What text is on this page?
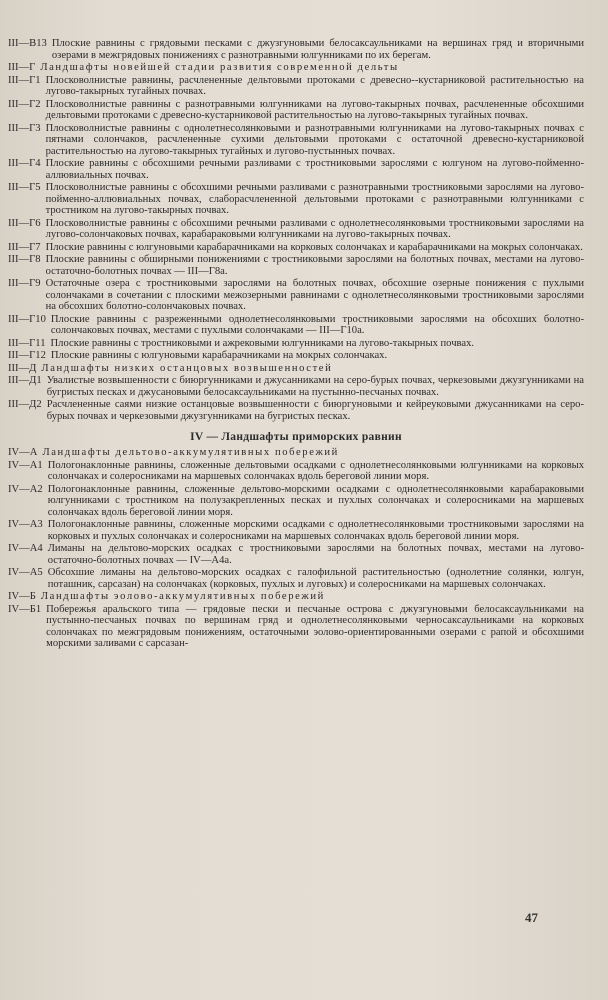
III—В13 Плоские равнины с грядовыми песками с джузгуновыми белосаксаульниками на вершинах гряд и вторичными озерами в межгрядовых понижениях с разнотравными юлгунниками по их берегам.
III—Г Ландшафты новейшей стадии развития современной дельты
III—Г1 Плосковолнистые равнины, расчлененные дельтовыми протоками с древесно--кустарниковой растительностью на лугово-такырных тугайных почвах.
III—Г2 Плосковолнистые равнины с разнотравными юлгунниками на лугово-такырных почвах, расчлененные обсохшими дельтовыми протоками с древесно-кустарниковой растительностью на лугово-такырных тугайных почвах.
III—Г3 Плосковолнистые равнины с однолетнесолянковыми и разнотравными юлгунниками на лугово-такырных почвах с пятнами солончаков, расчлененные сухими дельтовыми протоками с остаточной древесно-кустарниковой растительностью на лугово-такырных тугайных и лугово-пустынных почвах.
III—Г4 Плоские равнины с обсохшими речными разливами с тростниковыми зарослями с юлгуном на лугово-пойменно-аллювиальных почвах.
III—Г5 Плосковолнистые равнины с обсохшими речными разливами с разнотравными тростниковыми зарослями на лугово-пойменно-аллювиальных почвах, слаборасчлененной дельтовыми протоками с разнотравными юлгунниками с тростником на лугово-такырных почвах.
III—Г6 Плосковолнистые равнины с обсохшими речными разливами с однолетнесолянковыми тростниковыми зарослями на лугово-солончаковых почвах, карабараковыми юлгунниками на лугово-такырных почвах.
III—Г7 Плоские равнины с юлгуновыми карабарачниками на корковых солончаках и карабарачниками на мокрых солончаках.
III—Г8 Плоские равнины с обширными понижениями с тростниковыми зарослями на болотных почвах, местами на лугово-остаточно-болотных почвах — III—Г8а.
III—Г9 Остаточные озера с тростниковыми зарослями на болотных почвах, обсохшие озерные понижения с пухлыми солончаками в сочетании с плоскими межозерными равнинами с однолетнесолянковыми тростниковыми зарослями на обсохших болотно-солончаковых почвах.
III—Г10 Плоские равнины с разреженными однолетнесолянковыми тростниковыми зарослями на обсохших болотно-солончаковых почвах, местами с пухлыми солончаками — III—Г10а.
III—Г11 Плоские равнины с тростниковыми и ажрековыми юлгунниками на лугово-такырных почвах.
III—Г12 Плоские равнины с юлгуновыми карабарачниками на мокрых солончаках.
III—Д Ландшафты низких останцовых возвышенностей
III—Д1 Увалистые возвышенности с биюргунниками и джусанниками на серо-бурых почвах, черкезовыми джузгунниками на бугристых песках и джусановыми белосаксаульниками на пустынно-песчаных почвах.
III—Д2 Расчлененные саями низкие останцовые возвышенности с биюргуновыми и кейреуковыми джусанниками на серо-бурых почвах и черкезовыми джузгунниками на бугристых песках.
IV — Ландшафты приморских равнин
IV—А Ландшафты дельтово-аккумулятивных побережий
IV—А1 Пологонаклонные равнины, сложенные дельтовыми осадками с однолетнесолянковыми юлгунниками на корковых солончаках и солеросниками на маршевых солончаках вдоль береговой линии моря.
IV—А2 Пологонаклонные равнины, сложенные дельтово-морскими осадками с однолетнесолянковыми карабараковыми юлгунниками с тростником на полузакрепленных песках и пухлых солончаках и солеросниками на маршевых солончаках вдоль береговой линии моря.
IV—А3 Пологонаклонные равнины, сложенные морскими осадками с однолетнесолянковыми тростниковыми зарослями на корковых и пухлых солончаках и солеросниками на маршевых солончаках вдоль береговой линии моря.
IV—А4 Лиманы на дельтово-морских осадках с тростниковыми зарослями на болотных почвах, местами на лугово-остаточно-болотных почвах — IV—А4а.
IV—А5 Обсохшие лиманы на дельтово-морских осадках с галофильной растительностью (однолетние солянки, юлгун, поташник, сарсазан) на солончаках (корковых, пухлых и луговых) и солеросниками на маршевых солончаках.
IV—Б Ландшафты эолово-аккумулятивных побережий
IV—Б1 Побережья аральского типа — грядовые пески и песчаные острова с джузгуновыми белосаксаульниками на пустынно-песчаных почвах по вершинам гряд и однолетнесолянковыми черносаксаульниками на корковых солончаках по межгрядовым понижениям, остаточными эолово-ориентированными озерами с рапой и обсохшими морскими заливами с сарсазан-
47
